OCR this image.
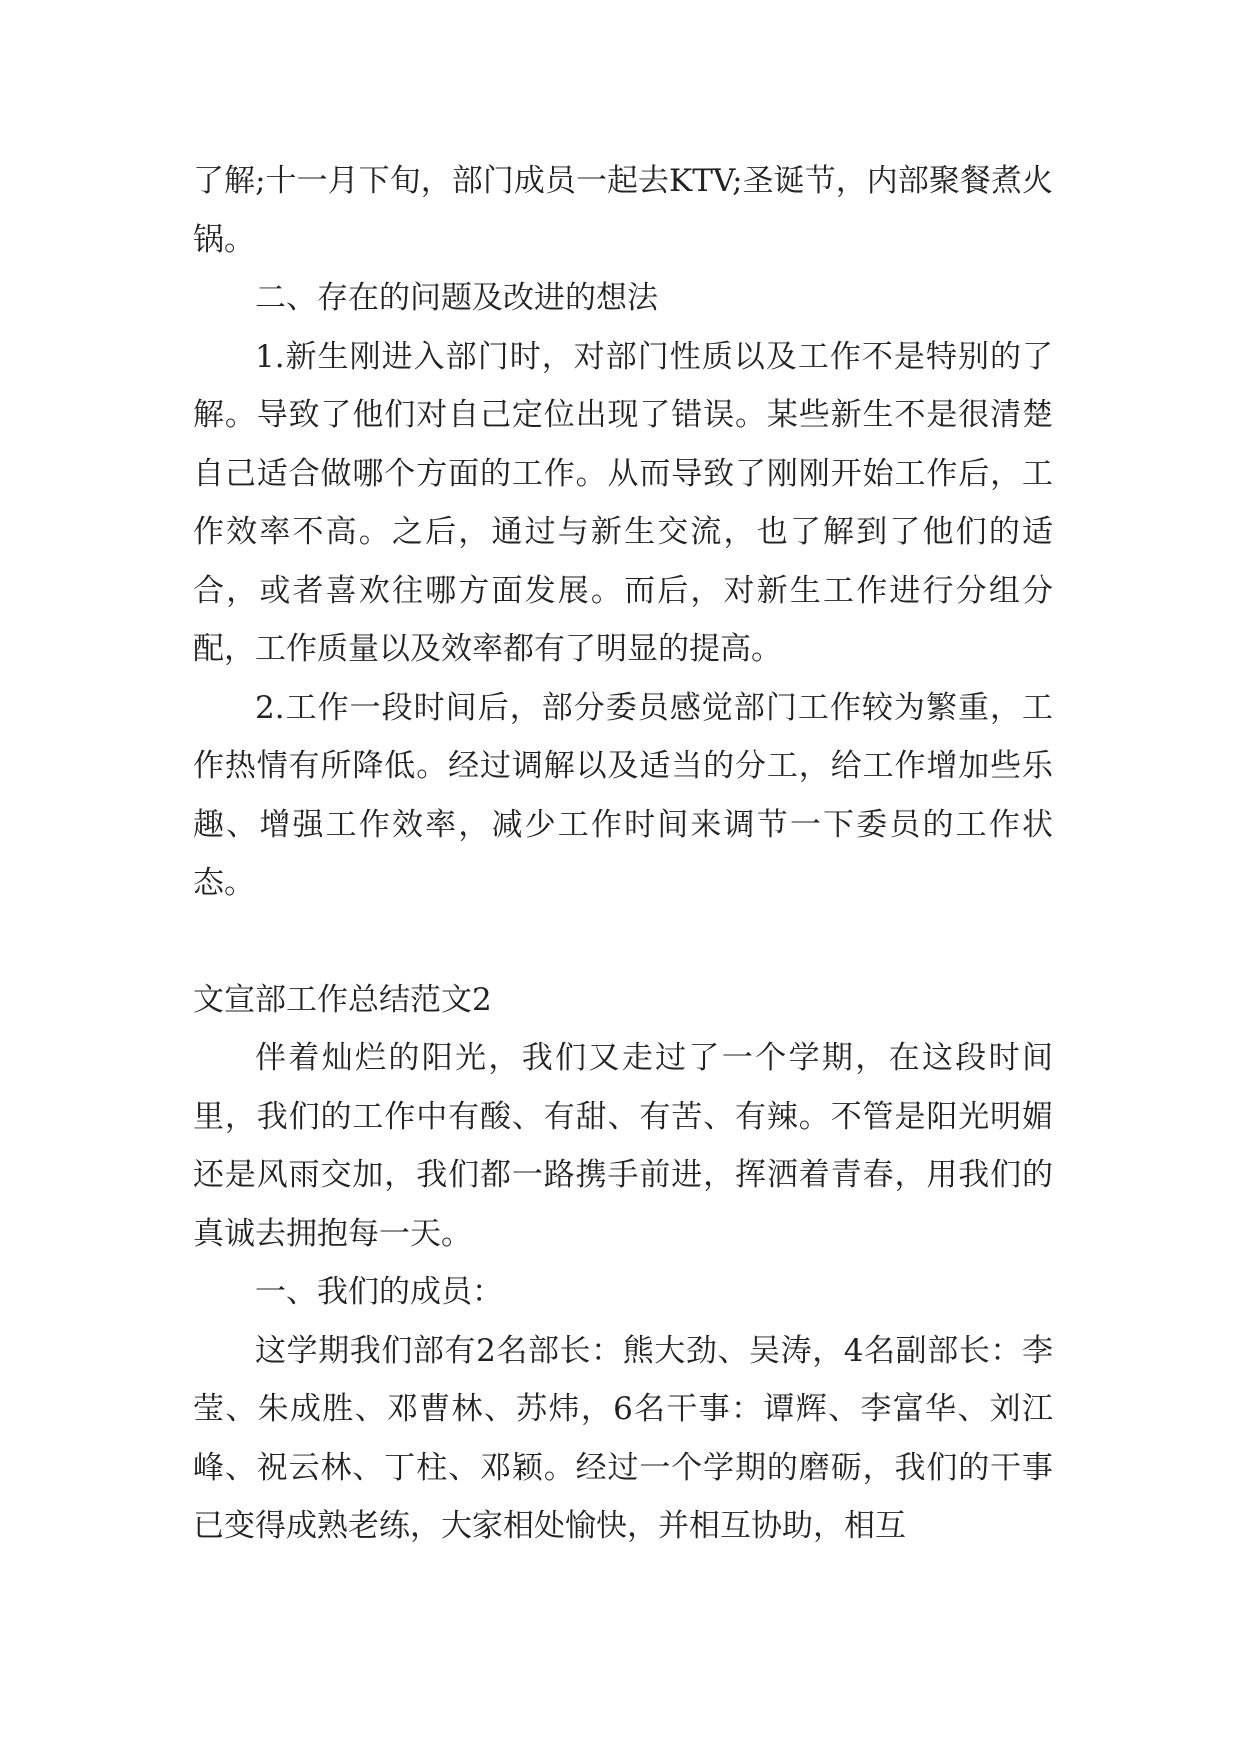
了解;十一月下旬，部门成员一起去KTV;圣诞节，内部聚餐煮火锅。

二、存在的问题及改进的想法

1.新生刚进入部门时，对部门性质以及工作不是特别的了解。导致了他们对自己定位出现了错误。某些新生不是很清楚自己适合做哪个方面的工作。从而导致了刚刚开始工作后，工作效率不高。之后，通过与新生交流，也了解到了他们的适合，或者喜欢往哪方面发展。而后，对新生工作进行分组分配，工作质量以及效率都有了明显的提高。

2.工作一段时间后，部分委员感觉部门工作较为繁重，工作热情有所降低。经过调解以及适当的分工，给工作增加些乐趣、增强工作效率，减少工作时间来调节一下委员的工作状态。

文宣部工作总结范文2

伴着灿烂的阳光，我们又走过了一个学期，在这段时间里，我们的工作中有酸、有甜、有苦、有辣。不管是阳光明媚还是风雨交加，我们都一路携手前进，挥洒着青春，用我们的真诚去拥抱每一天。

一、我们的成员：

这学期我们部有2名部长：熊大劲、吴涛，4名副部长：李莹、朱成胜、邓曹林、苏炜，6名干事：谭辉、李富华、刘江峰、祝云林、丁柱、邓颖。经过一个学期的磨砺，我们的干事已变得成熟老练，大家相处愉快，并相互协助，相互
